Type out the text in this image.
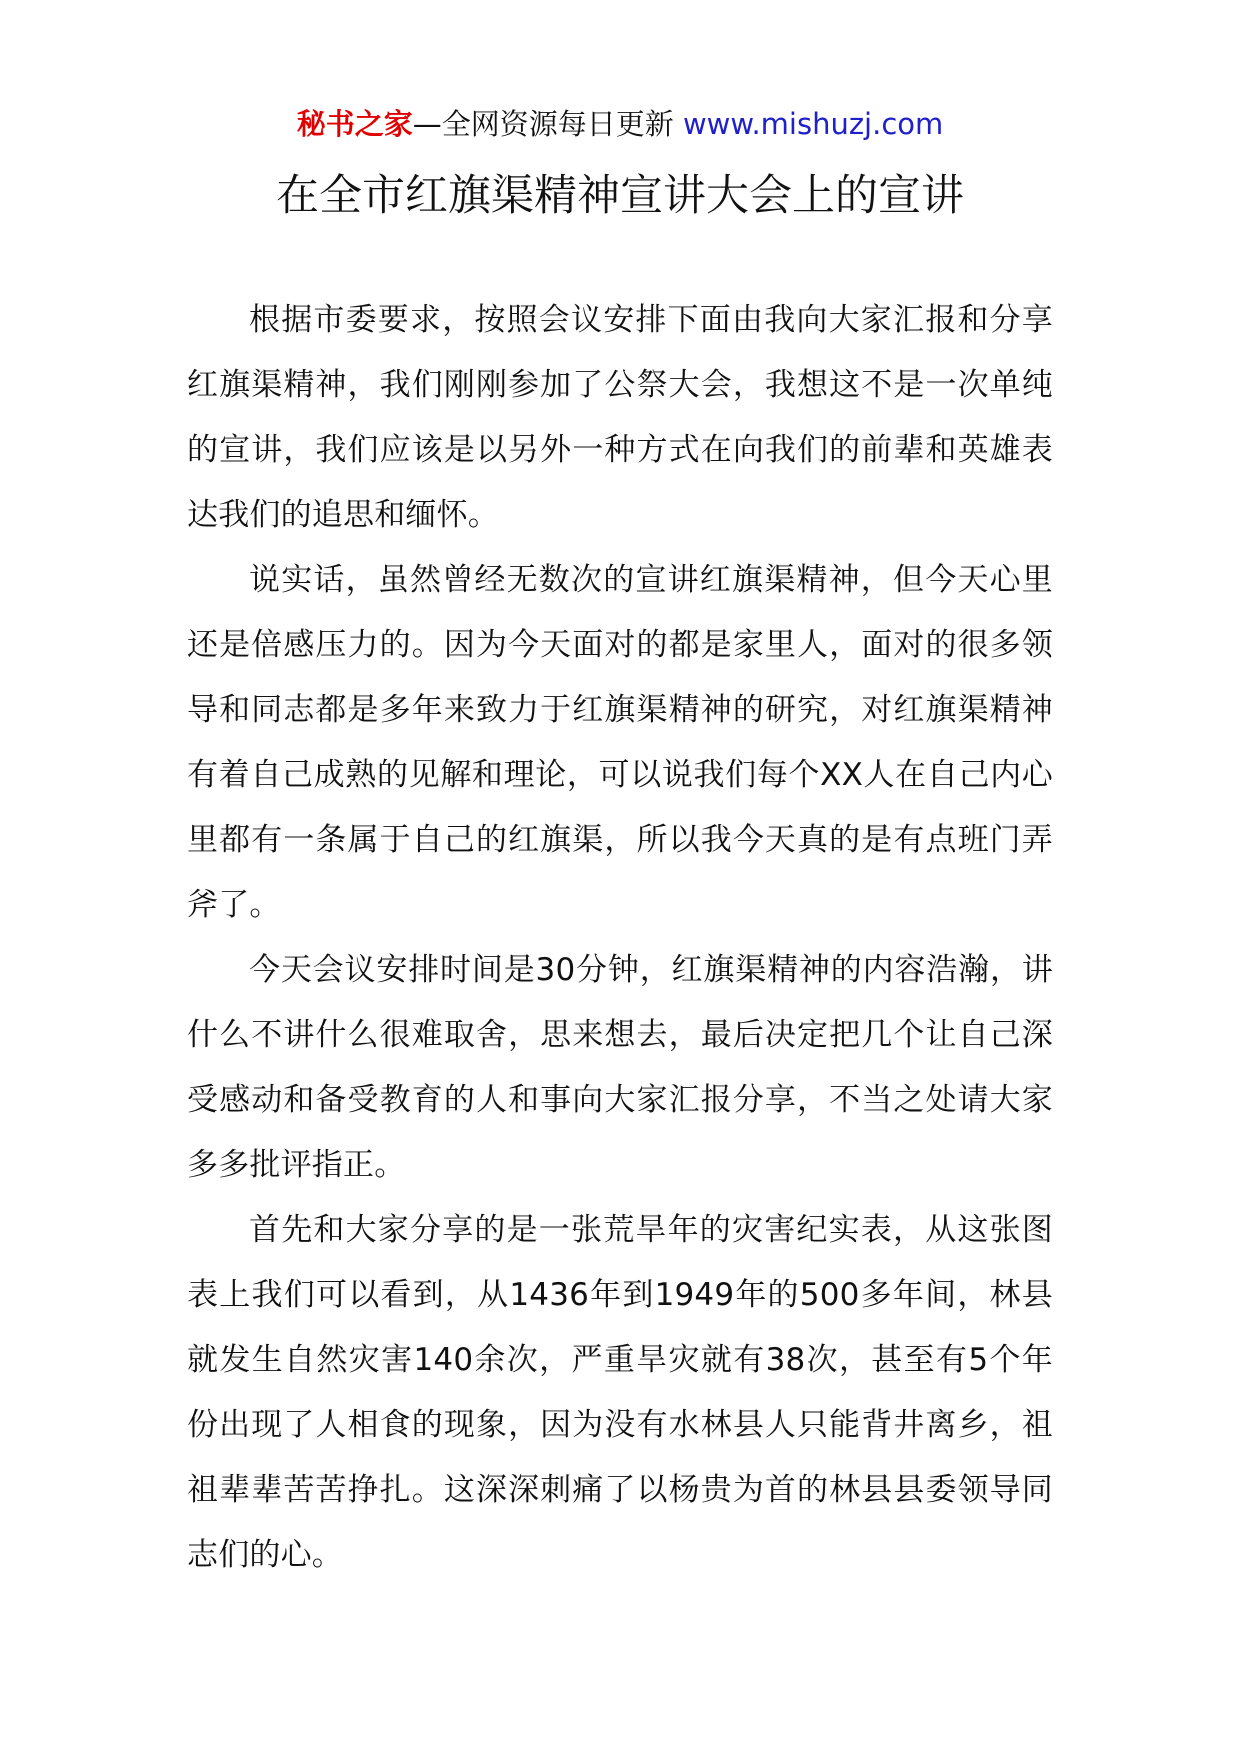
秘书之家—全网资源每日更新 www.mishuzj.com
在全市红旗渠精神宣讲大会上的宣讲

根据市委要求，按照会议安排下面由我向大家汇报和分享红旗渠精神，我们刚刚参加了公祭大会，我想这不是一次单纯的宣讲，我们应该是以另外一种方式在向我们的前辈和英雄表达我们的追思和缅怀。

说实话，虽然曾经无数次的宣讲红旗渠精神，但今天心里还是倍感压力的。因为今天面对的都是家里人，面对的很多领导和同志都是多年来致力于红旗渠精神的研究，对红旗渠精神有着自己成熟的见解和理论，可以说我们每个XX人在自己内心里都有一条属于自己的红旗渠，所以我今天真的是有点班门弄斧了。

今天会议安排时间是30分钟，红旗渠精神的内容浩瀚，讲什么不讲什么很难取舍，思来想去，最后决定把几个让自己深受感动和备受教育的人和事向大家汇报分享，不当之处请大家多多批评指正。

首先和大家分享的是一张荒旱年的灾害纪实表，从这张图表上我们可以看到，从1436年到1949年的500多年间，林县就发生自然灾害140余次，严重旱灾就有38次，甚至有5个年份出现了人相食的现象，因为没有水林县人只能背井离乡，祖祖辈辈苦苦挣扎。这深深刺痛了以杨贵为首的林县县委领导同志们的心。
